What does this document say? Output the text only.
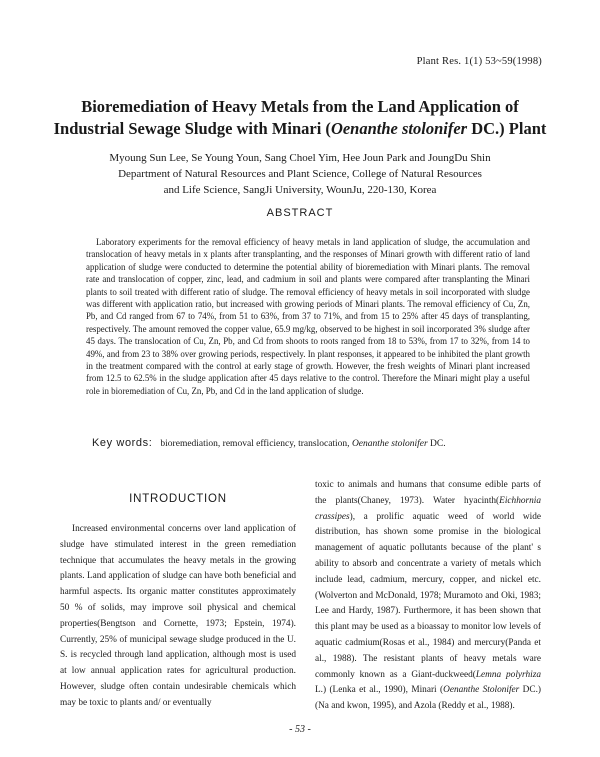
Plant Res. 1(1) 53~59(1998)
Bioremediation of Heavy Metals from the Land Application of
Industrial Sewage Sludge with Minari (Oenanthe stolonifer DC.) Plant
Myoung Sun Lee, Se Young Youn, Sang Choel Yim, Hee Joun Park and JoungDu Shin
Department of Natural Resources and Plant Science, College of Natural Resources
and Life Science, SangJi University, WounJu, 220-130, Korea
ABSTRACT

Laboratory experiments for the removal efficiency of heavy metals in land application of sludge, the accumulation and translocation of heavy metals in x plants after transplanting, and the responses of Minari growth with different ratio of land application of sludge were conducted to determine the potential ability of bioremediation with Minari plants. The removal rate and translocation of copper, zinc, lead, and cadmium in soil and plants were compared after transplanting the Minari plants to soil treated with different ratio of sludge. The removal efficiency of heavy metals in soil incorporated with sludge was different with application ratio, but increased with growing periods of Minari plants. The removal efficiency of Cu, Zn, Pb, and Cd ranged from 67 to 74%, from 51 to 63%, from 37 to 71%, and from 15 to 25% after 45 days of transplanting, respectively. The amount removed the copper value, 65.9 mg/kg, observed to be highest in soil incorporated 3% sludge after 45 days. The translocation of Cu, Zn, Pb, and Cd from shoots to roots ranged from 18 to 53%, from 17 to 32%, from 14 to 49%, and from 23 to 38% over growing periods, respectively. In plant responses, it appeared to be inhibited the plant growth in the treatment compared with the control at early stage of growth. However, the fresh weights of Minari plant increased from 12.5 to 62.5% in the sludge application after 45 days relative to the control. Therefore the Minari might play a useful role in bioremediation of Cu, Zn, Pb, and Cd in the land application of sludge.

Key words: bioremediation, removal efficiency, translocation, Oenanthe stolonifer DC.
INTRODUCTION

Increased environmental concerns over land application of sludge have stimulated interest in the green remediation technique that accumulates the heavy metals in the growing plants. Land application of sludge can have both beneficial and harmful aspects. Its organic matter constitutes approximately 50 % of solids, may improve soil physical and chemical properties(Bengtson and Cornette, 1973; Epstein, 1974). Currently, 25% of municipal sewage sludge produced in the U. S. is recycled through land application, although most is used at low annual application rates for agricultural production. However, sludge often contain undesirable chemicals which may be toxic to plants and/ or eventually

toxic to animals and humans that consume edible parts of the plants(Chaney, 1973). Water hyacinth(Eichhornia crassipes), a prolific aquatic weed of world wide distribution, has shown some promise in the biological management of aquatic pollutants because of the plant' s ability to absorb and concentrate a variety of metals which include lead, cadmium, mercury, copper, and nickel etc.(Wolverton and McDonald, 1978; Muramoto and Oki, 1983; Lee and Hardy, 1987). Furthermore, it has been shown that this plant may be used as a bioassay to monitor low levels of aquatic cadmium(Rosas et al., 1984) and mercury(Panda et al., 1988). The resistant plants of heavy metals ware commonly known as a Giant-duckweed(Lemna polyrhiza L.) (Lenka et al., 1990), Minari (Oenanthe Stolonifer DC.) (Na and kwon, 1995), and Azola (Reddy et al., 1988).

- 53 -
